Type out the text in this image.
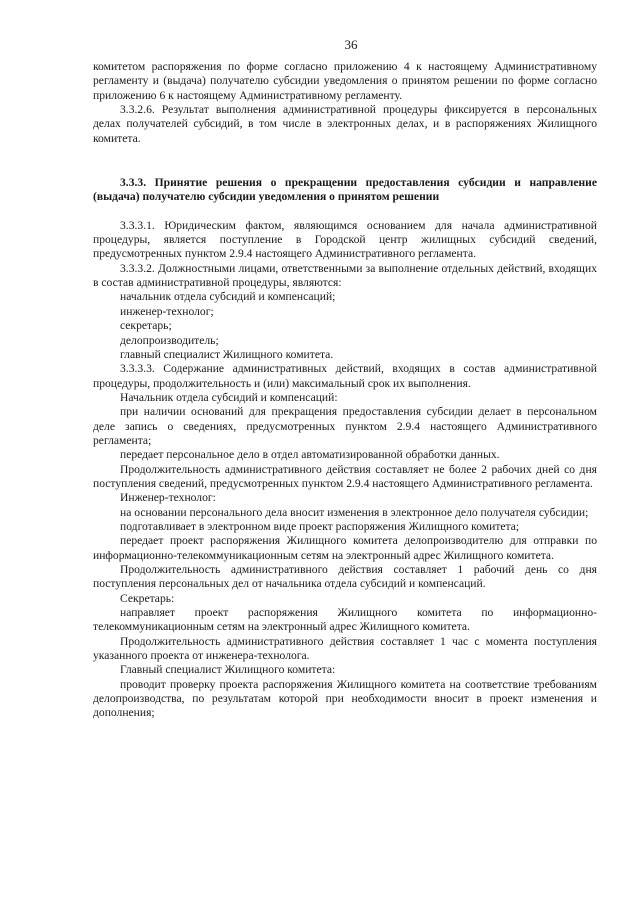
36

комитетом распоряжения по форме согласно приложению 4 к настоящему Административному регламенту и (выдача) получателю субсидии уведомления о принятом решении по форме согласно приложению 6 к настоящему Административному регламенту.

3.3.2.6. Результат выполнения административной процедуры фиксируется в персональных делах получателей субсидий, в том числе в электронных делах, и в распоряжениях Жилищного комитета.

3.3.3. Принятие решения о прекращении предоставления субсидии и направление (выдача) получателю субсидии уведомления о принятом решении

3.3.3.1. Юридическим фактом, являющимся основанием для начала административной процедуры, является поступление в Городской центр жилищных субсидий сведений, предусмотренных пунктом 2.9.4 настоящего Административного регламента.

3.3.3.2. Должностными лицами, ответственными за выполнение отдельных действий, входящих в состав административной процедуры, являются:

начальник отдела субсидий и компенсаций;

инженер-технолог;

секретарь;

делопроизводитель;

главный специалист Жилищного комитета.

3.3.3.3. Содержание административных действий, входящих в состав административной процедуры, продолжительность и (или) максимальный срок их выполнения.

Начальник отдела субсидий и компенсаций:

при наличии оснований для прекращения предоставления субсидии делает в персональном деле запись о сведениях, предусмотренных пунктом 2.9.4 настоящего Административного регламента;

передает персональное дело в отдел автоматизированной обработки данных.

Продолжительность административного действия составляет не более 2 рабочих дней со дня поступления сведений, предусмотренных пунктом 2.9.4 настоящего Административного регламента.

Инженер-технолог:

на основании персонального дела вносит изменения в электронное дело получателя субсидии;

подготавливает в электронном виде проект распоряжения Жилищного комитета;

передает проект распоряжения Жилищного комитета делопроизводителю для отправки по информационно-телекоммуникационным сетям на электронный адрес Жилищного комитета.

Продолжительность административного действия составляет 1 рабочий день со дня поступления персональных дел от начальника отдела субсидий и компенсаций.

Секретарь:

направляет проект распоряжения Жилищного комитета по информационно-телекоммуникационным сетям на электронный адрес Жилищного комитета.

Продолжительность административного действия составляет 1 час с момента поступления указанного проекта от инженера-технолога.

Главный специалист Жилищного комитета:

проводит проверку проекта распоряжения Жилищного комитета на соответствие требованиям делопроизводства, по результатам которой при необходимости вносит в проект изменения и дополнения;
